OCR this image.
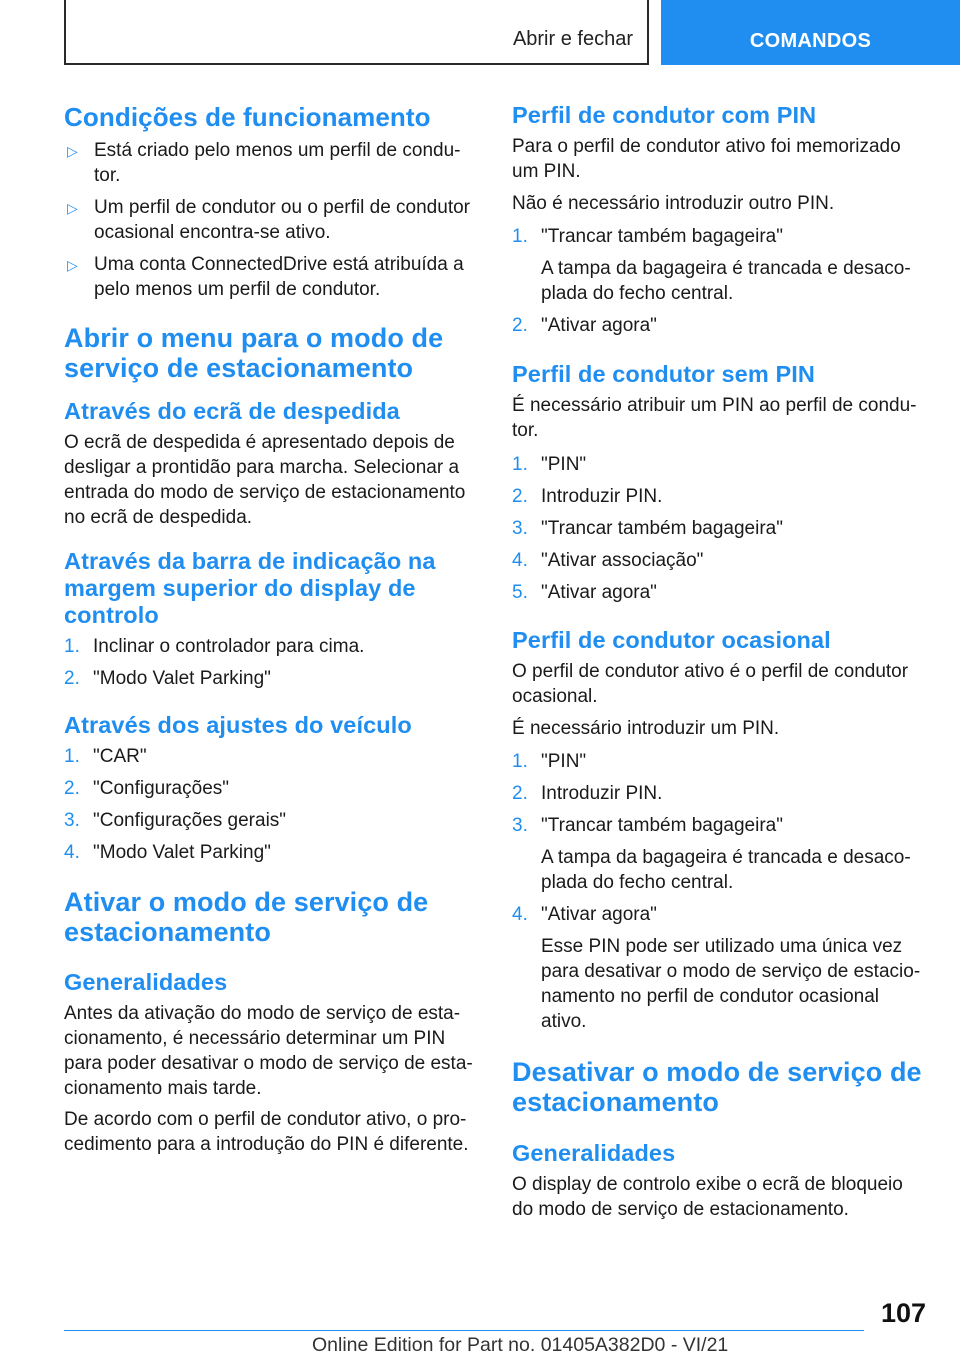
Abrir e fechar	COMANDOS
Condições de funcionamento
▷ Está criado pelo menos um perfil de condu-tor.
▷ Um perfil de condutor ou o perfil de condutor ocasional encontra-se ativo.
▷ Uma conta ConnectedDrive está atribuída a pelo menos um perfil de condutor.
Abrir o menu para o modo de serviço de estacionamento
Através do ecrã de despedida

O ecrã de despedida é apresentado depois de desligar a prontidão para marcha. Selecionar a entrada do modo de serviço de estacionamento no ecrã de despedida.

Através da barra de indicação na margem superior do display de controlo
1. Inclinar o controlador para cima.
2. "Modo Valet Parking"
Através dos ajustes do veículo
1. "CAR"
2. "Configurações"
3. "Configurações gerais"
4. "Modo Valet Parking"
Ativar o modo de serviço de estacionamento
Generalidades

Antes da ativação do modo de serviço de esta-cionamento, é necessário determinar um PIN para poder desativar o modo de serviço de esta-cionamento mais tarde.

De acordo com o perfil de condutor ativo, o pro-cedimento para a introdução do PIN é diferente.

Perfil de condutor com PIN

Para o perfil de condutor ativo foi memorizado um PIN.

Não é necessário introduzir outro PIN.

1. "Trancar também bagageira"
A tampa da bagageira é trancada e desaco-plada do fecho central.
2. "Ativar agora"
Perfil de condutor sem PIN

É necessário atribuir um PIN ao perfil de condu-tor.

1. "PIN"
2. Introduzir PIN.
3. "Trancar também bagageira"
4. "Ativar associação"
5. "Ativar agora"
Perfil de condutor ocasional

O perfil de condutor ativo é o perfil de condutor ocasional.

É necessário introduzir um PIN.

1. "PIN"
2. Introduzir PIN.
3. "Trancar também bagageira"
A tampa da bagageira é trancada e desaco-plada do fecho central.
4. "Ativar agora"
Esse PIN pode ser utilizado uma única vez para desativar o modo de serviço de estacio-namento no perfil de condutor ocasional ativo.
Desativar o modo de serviço de estacionamento
Generalidades

O display de controlo exibe o ecrã de bloqueio do modo de serviço de estacionamento.

107
Online Edition for Part no. 01405A382D0 - VI/21
